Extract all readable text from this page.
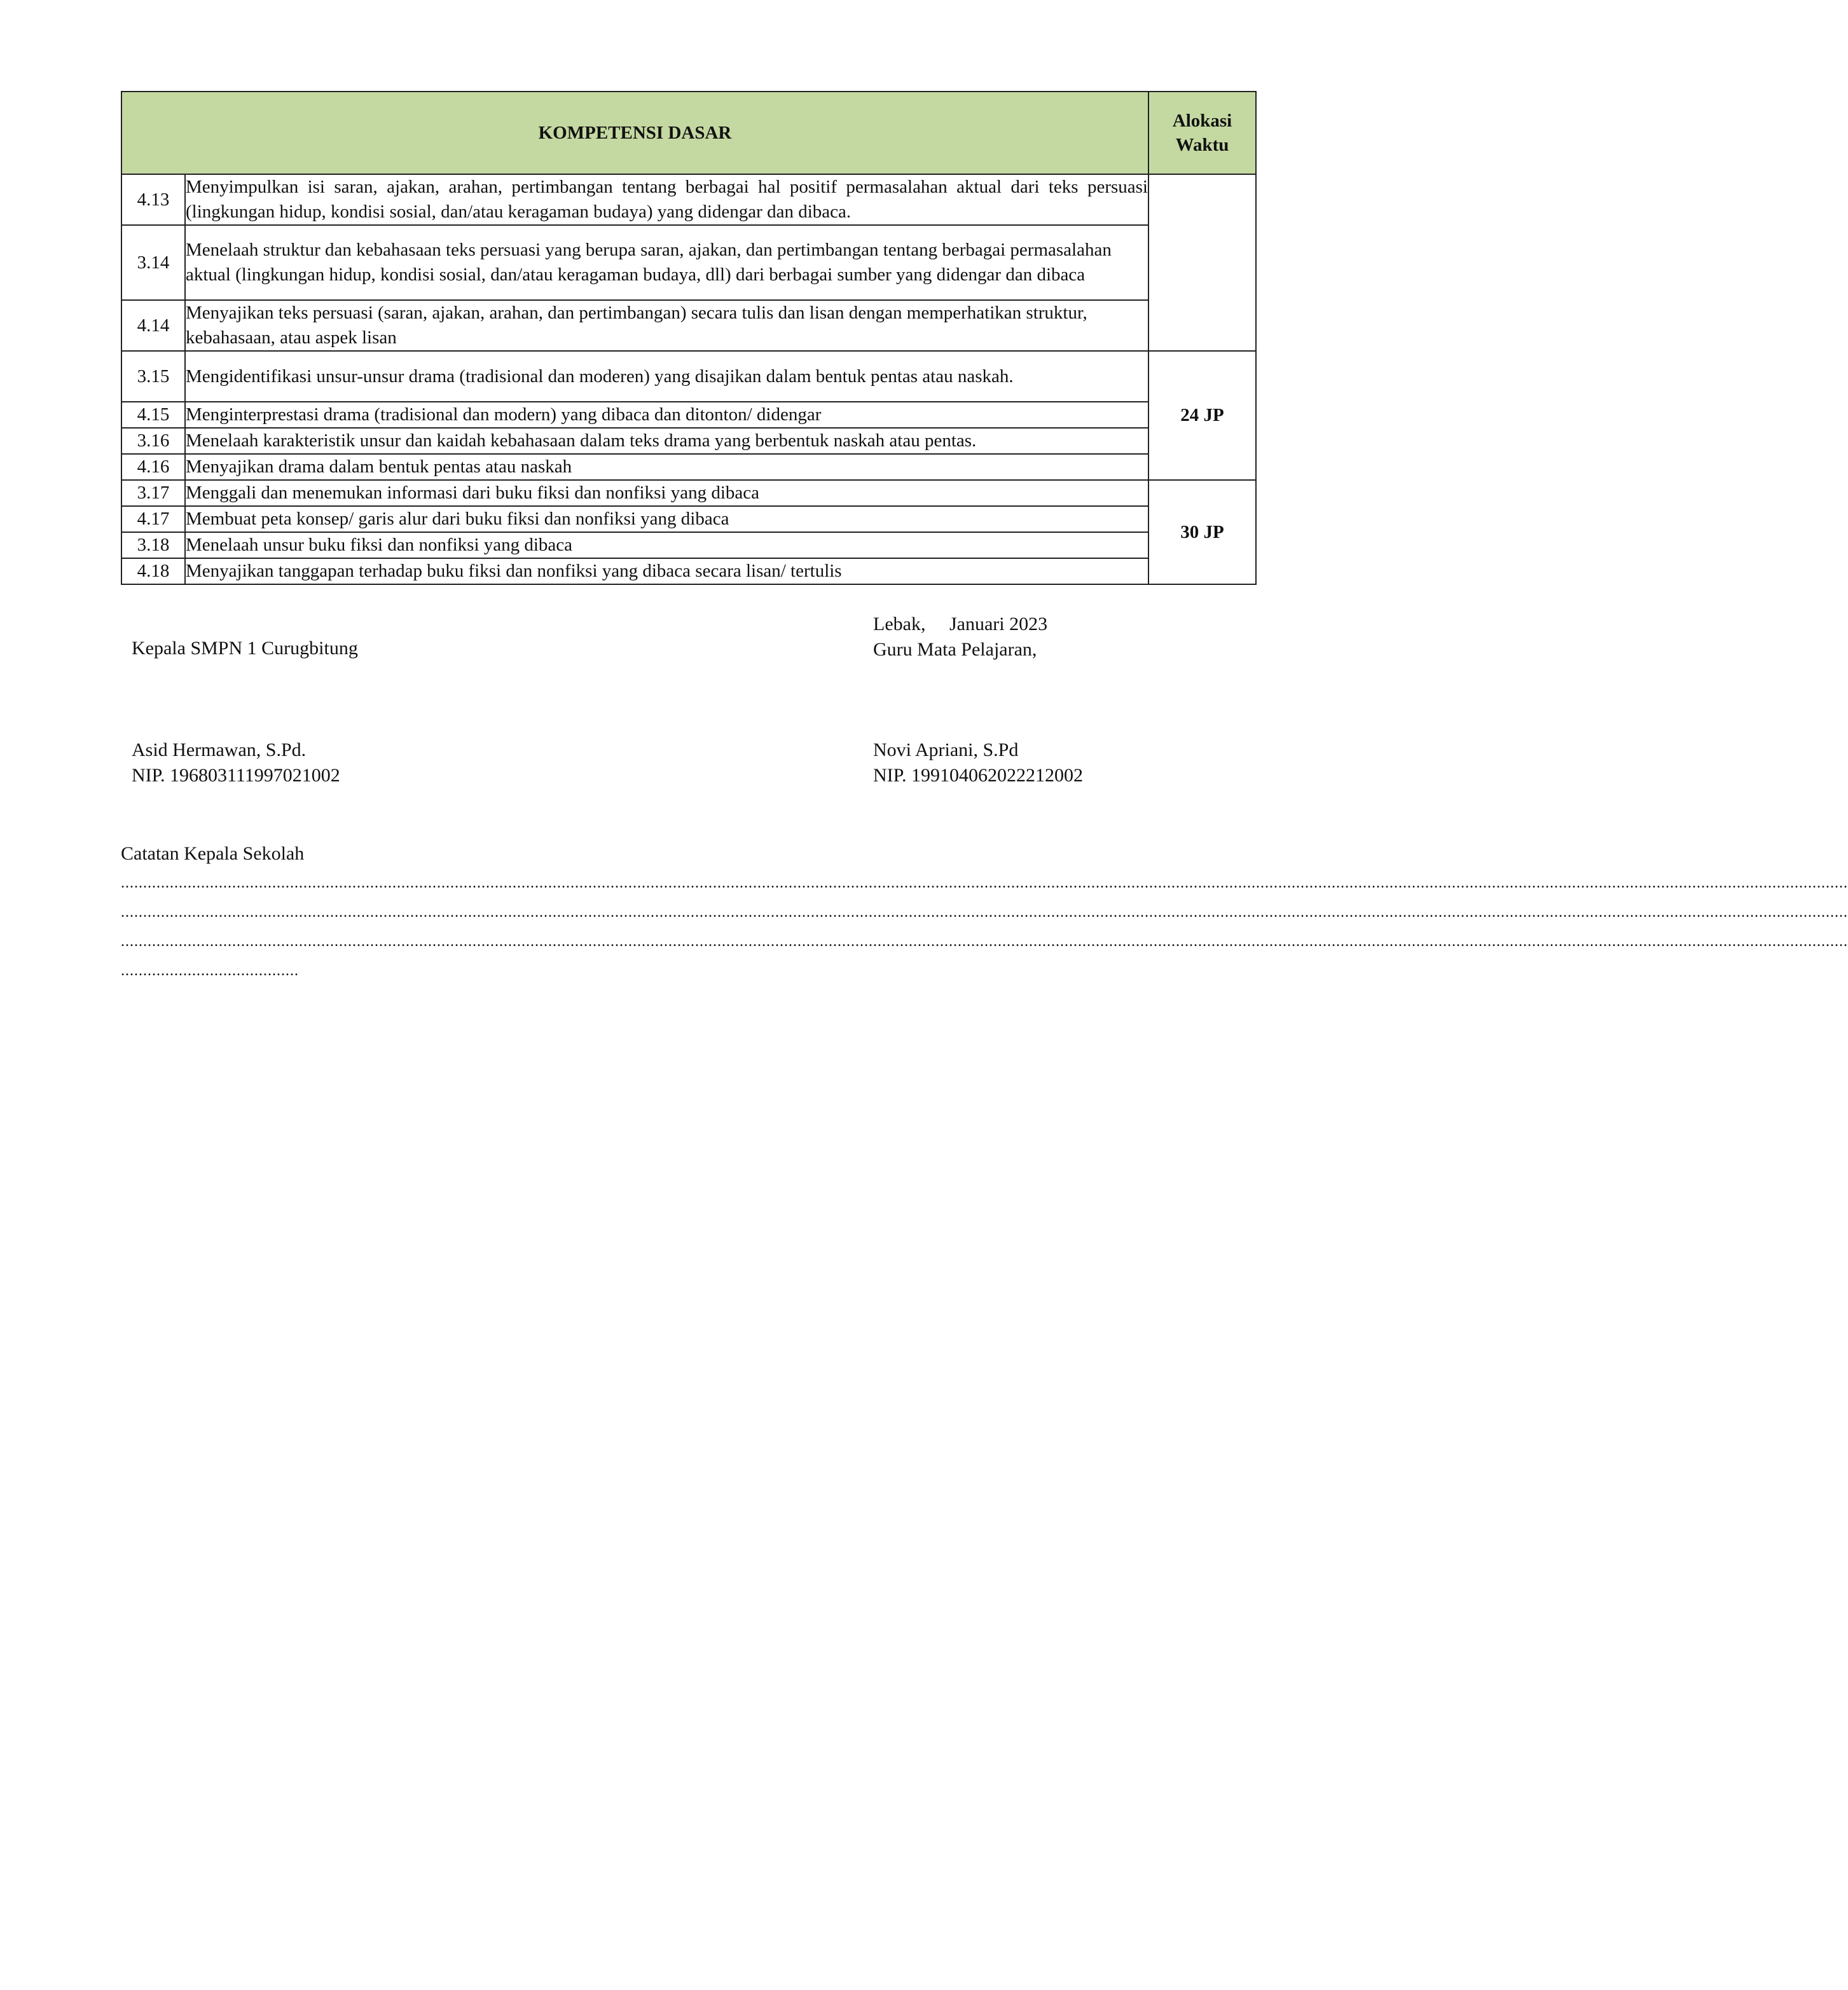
KOMPETENSI DASAR		Alokasi Waktu
4.13	Menyimpulkan isi saran, ajakan, arahan, pertimbangan tentang berbagai hal positif permasalahan aktual dari teks persuasi (lingkungan hidup, kondisi sosial, dan/atau keragaman budaya) yang didengar dan dibaca.	
3.14	Menelaah struktur dan kebahasaan teks persuasi yang berupa saran, ajakan, dan pertimbangan tentang berbagai permasalahan aktual (lingkungan hidup, kondisi sosial, dan/atau keragaman budaya, dll) dari berbagai sumber yang didengar dan dibaca	
4.14	Menyajikan teks persuasi (saran, ajakan, arahan, dan pertimbangan) secara tulis dan lisan dengan memperhatikan struktur, kebahasaan, atau aspek lisan	
3.15	Mengidentifikasi unsur-unsur drama (tradisional dan moderen) yang disajikan dalam bentuk pentas atau naskah.	24 JP
4.15	Menginterprestasi drama (tradisional dan modern) yang dibaca dan ditonton/ didengar	
3.16	Menelaah karakteristik unsur dan kaidah kebahasaan dalam teks drama yang berbentuk naskah atau pentas.	
4.16	Menyajikan drama dalam bentuk pentas atau naskah	
3.17	Menggali dan menemukan informasi dari buku fiksi dan nonfiksi yang dibaca	30 JP
4.17	Membuat peta konsep/ garis alur dari buku fiksi dan nonfiksi yang dibaca	
3.18	Menelaah unsur buku fiksi dan nonfiksi yang dibaca	
4.18	Menyajikan tanggapan terhadap buku fiksi dan nonfiksi yang dibaca secara lisan/ tertulis	
Kepala SMPN 1 Curugbitung
Lebak,     Januari 2023
Guru Mata Pelajaran,
Asid Hermawan, S.Pd.
NIP. 196803111997021002
Novi Apriani, S.Pd
NIP. 199104062022212002
Catatan Kepala Sekolah
....................................................................................................................................................................................................................................................................................................................................................................................................
....................................................................................................................................................................................................................................................................................................................................................................................................
....................................................................................................................................................................................................................................................................................................................................................................................................
........................................
